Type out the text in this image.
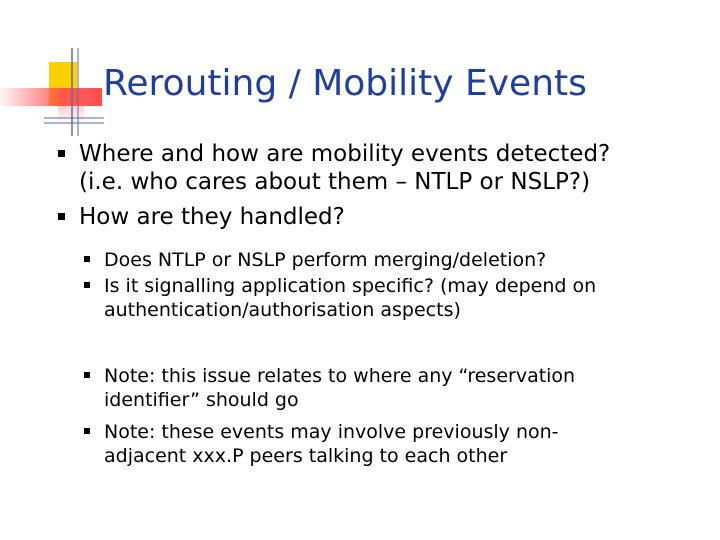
Rerouting / Mobility Events
Where and how are mobility events detected?
(i.e. who cares about them – NTLP or NSLP?)
How are they handled?
Does NTLP or NSLP perform merging/deletion?
Is it signalling application specific? (may depend on
authentication/authorisation aspects)
Note: this issue relates to where any “reservation
identifier” should go
Note: these events may involve previously non-
adjacent xxx.P peers talking to each other
